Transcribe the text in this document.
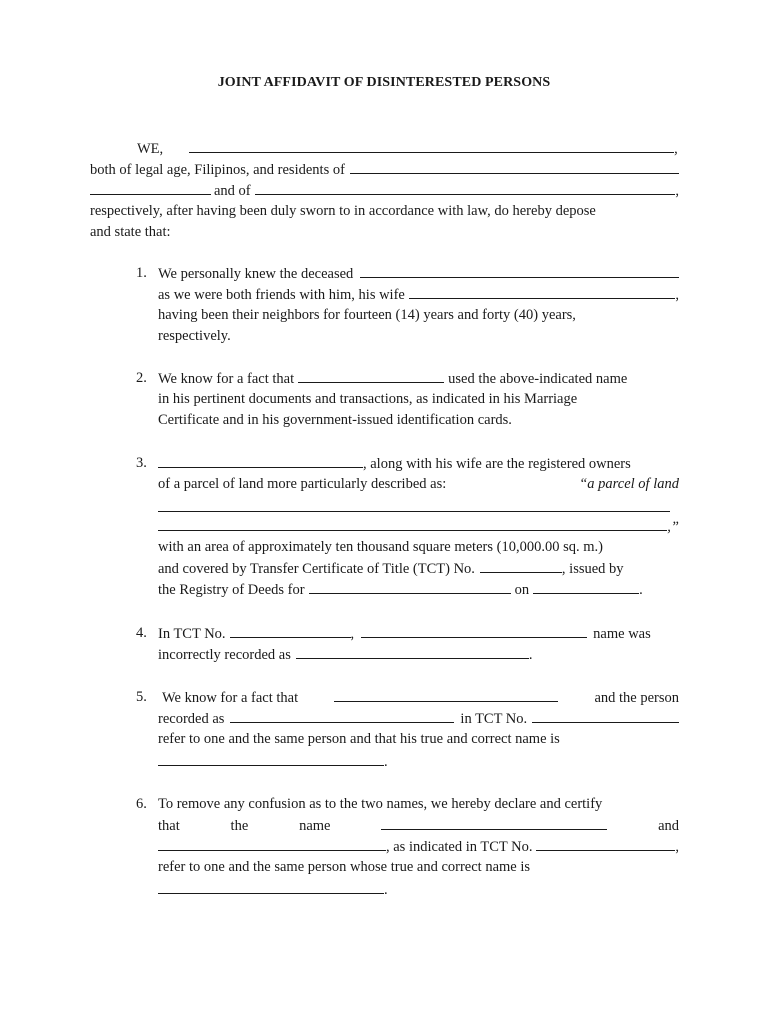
JOINT AFFIDAVIT OF DISINTERESTED PERSONS
WE,	,
both of legal age, Filipinos, and residents of
and of	,
respectively, after having been duly sworn to in accordance with law, do hereby depose
and state that:
1. We personally knew the deceased
as we were both friends with him, his wife	,
having been their neighbors for fourteen (14) years and forty (40) years,
respectively.
2. We know for a fact that	used the above-indicated name
in his pertinent documents and transactions, as indicated in his Marriage
Certificate and in his government-issued identification cards.
3.	, along with his wife are the registered owners
of a parcel of land more particularly described as:	“a parcel of land
,”
with an area of approximately ten thousand square meters (10,000.00 sq. m.)
and covered by Transfer Certificate of Title (TCT) No.	, issued by
the Registry of Deeds for	on	.
4. In TCT No.	,	name was
incorrectly recorded as	.
5. We know for a fact that	and the person
recorded as	in TCT No.
refer to one and the same person and that his true and correct name is
.
6. To remove any confusion as to the two names, we hereby declare and certify
that	the	name	and
, as indicated in TCT No.	,
refer to one and the same person whose true and correct name is
.
